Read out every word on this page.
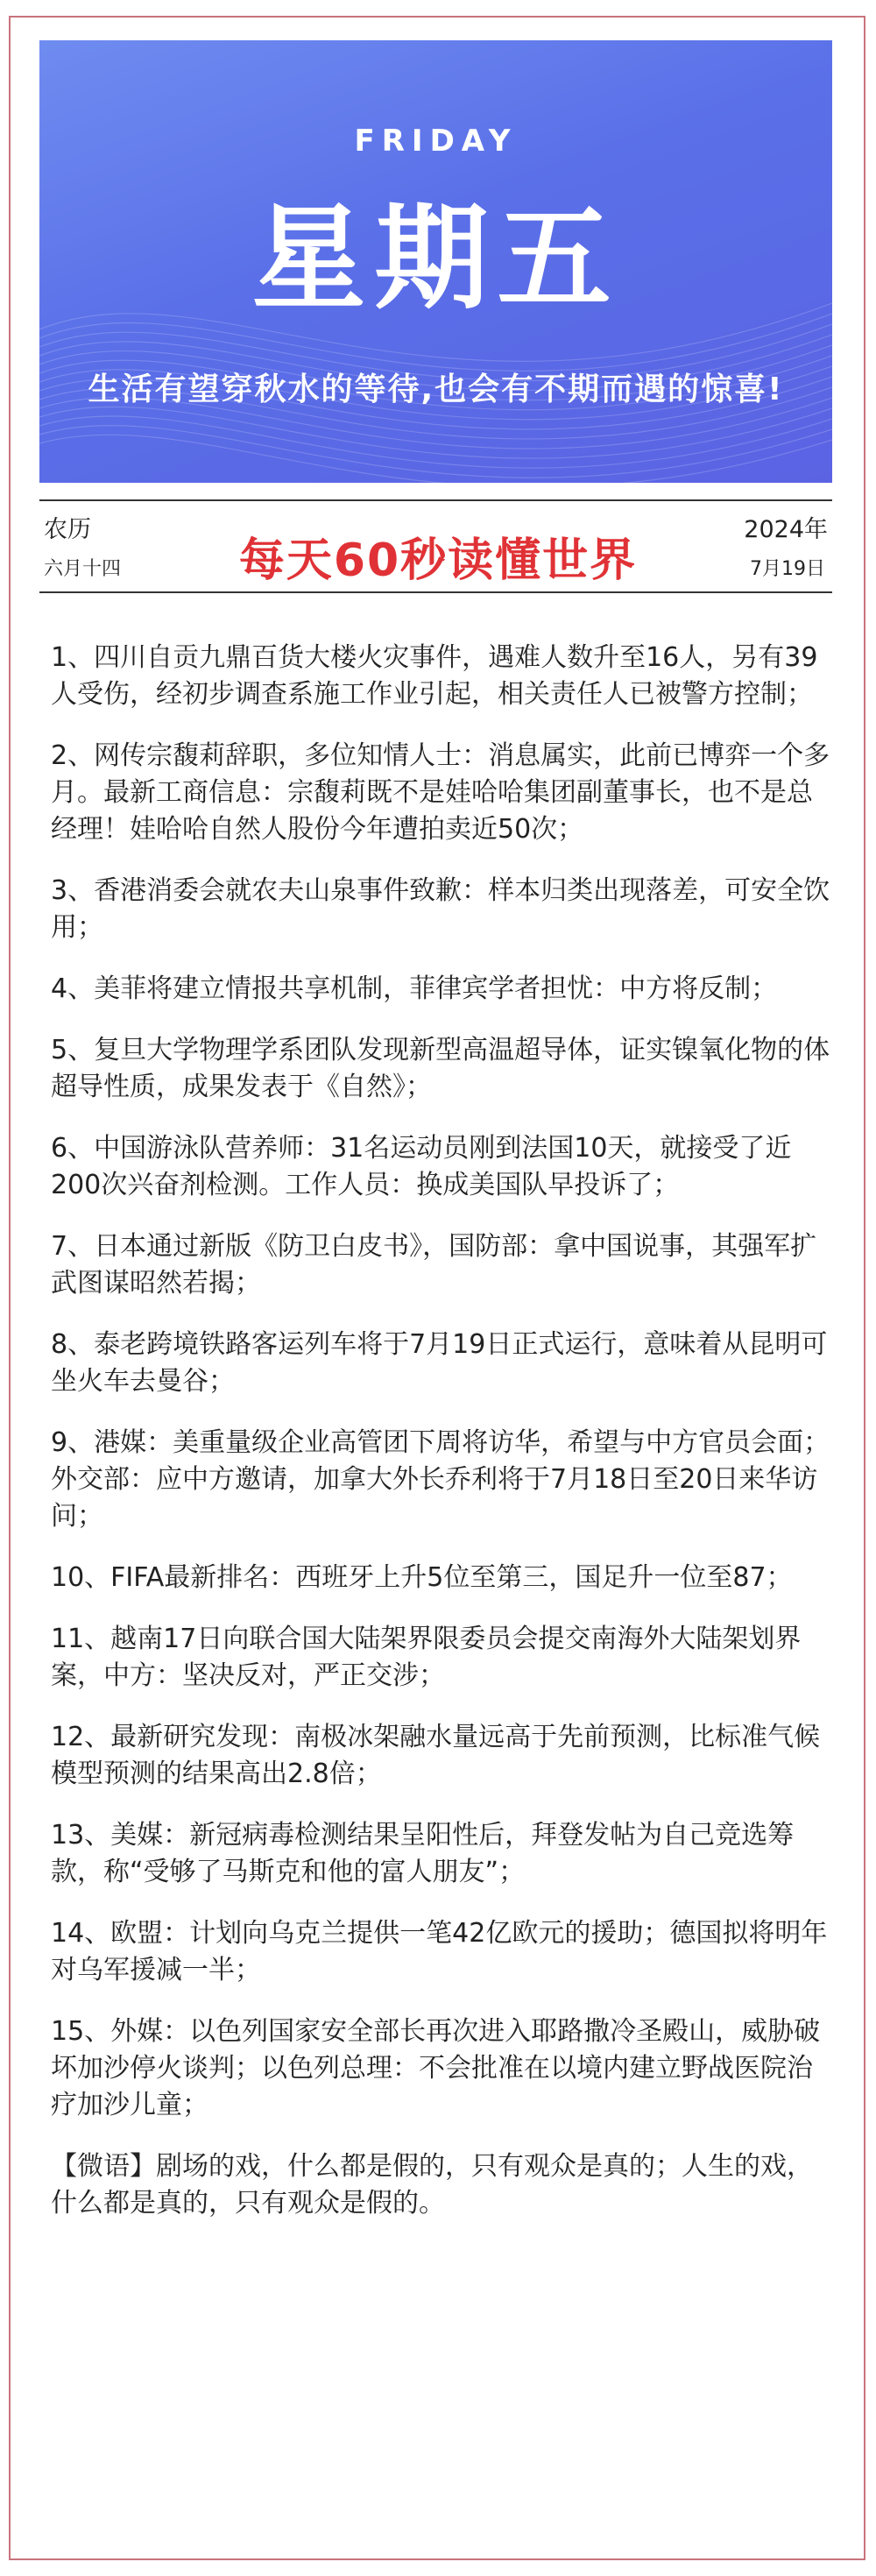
FRIDAY
星期五
生活有望穿秋水的等待,也会有不期而遇的惊喜!
农历
六月十四	每天60秒读懂世界
2024年
7月19日
1、四川自贡九鼎百货大楼火灾事件，遇难人数升至16人，另有39人受伤，经初步调查系施工作业引起，相关责任人已被警方控制；
2、网传宗馥莉辞职，多位知情人士：消息属实，此前已博弈一个多月。最新工商信息：宗馥莉既不是娃哈哈集团副董事长，也不是总经理！娃哈哈自然人股份今年遭拍卖近50次；
3、香港消委会就农夫山泉事件致歉：样本归类出现落差，可安全饮用；
4、美菲将建立情报共享机制，菲律宾学者担忧：中方将反制；
5、复旦大学物理学系团队发现新型高温超导体，证实镍氧化物的体超导性质，成果发表于《自然》；
6、中国游泳队营养师：31名运动员刚到法国10天，就接受了近200次兴奋剂检测。工作人员：换成美国队早投诉了；
7、日本通过新版《防卫白皮书》，国防部：拿中国说事，其强军扩武图谋昭然若揭；
8、泰老跨境铁路客运列车将于7月19日正式运行，意味着从昆明可坐火车去曼谷；
9、港媒：美重量级企业高管团下周将访华，希望与中方官员会面；外交部：应中方邀请，加拿大外长乔利将于7月18日至20日来华访问；
10、FIFA最新排名：西班牙上升5位至第三，国足升一位至87；
11、越南17日向联合国大陆架界限委员会提交南海外大陆架划界案，中方：坚决反对，严正交涉；
12、最新研究发现：南极冰架融水量远高于先前预测，比标准气候模型预测的结果高出2.8倍；
13、美媒：新冠病毒检测结果呈阳性后，拜登发帖为自己竞选筹款，称“受够了马斯克和他的富人朋友”；
14、欧盟：计划向乌克兰提供一笔42亿欧元的援助；德国拟将明年对乌军援减一半；
15、外媒：以色列国家安全部长再次进入耶路撒冷圣殿山，威胁破坏加沙停火谈判；以色列总理：不会批准在以境内建立野战医院治疗加沙儿童；
【微语】剧场的戏，什么都是假的，只有观众是真的；人生的戏，什么都是真的，只有观众是假的。
